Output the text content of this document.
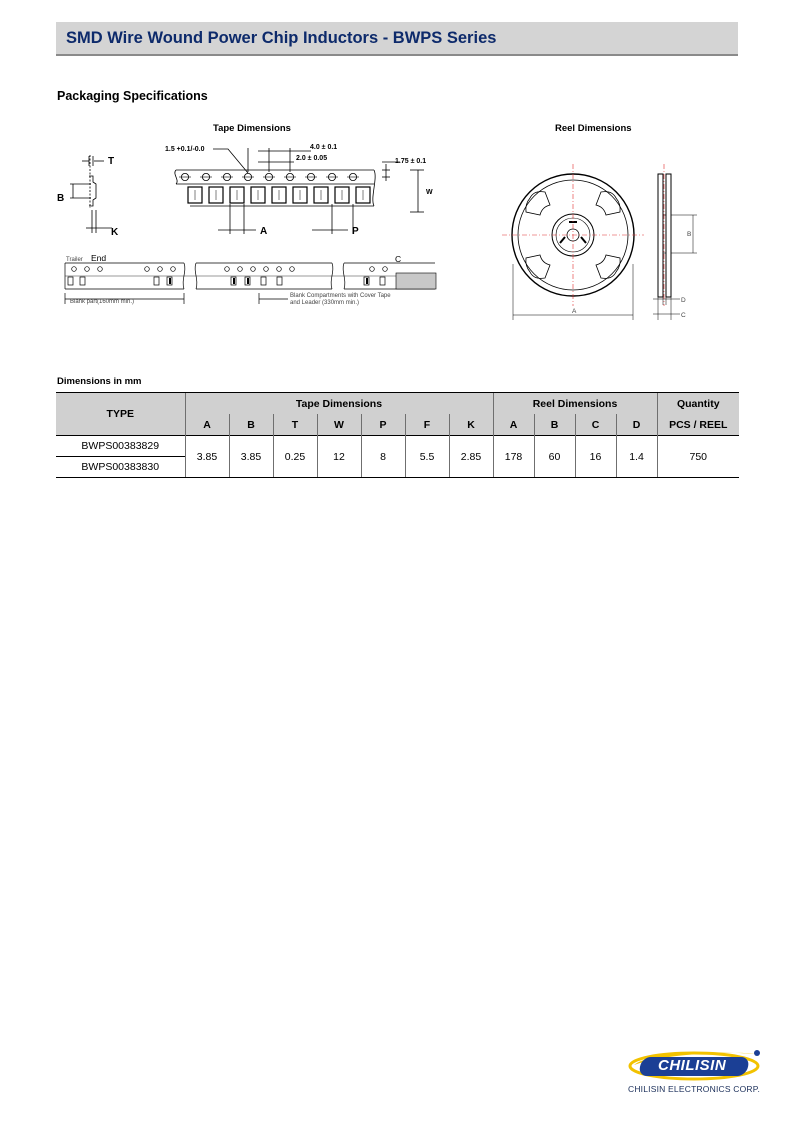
SMD Wire Wound Power Chip Inductors - BWPS Series
Packaging Specifications
Tape Dimensions	Reel Dimensions
1.5 +0.1/-0.0	4.0 ± 0.1
2.0 ± 0.05	1.75 ± 0.1
W
T
B
K	A	P
Trailer
Blank Compartments with Cover Tape
and Leader (330mm min.)
Blank part(160mm min.)
End	C
A
B
C
D
Dimensions in mm
TYPE	Tape Dimensions							Reel Dimensions				Quantity
	A	B	T	W	P	F	K	A	B	C	D	PCS / REEL
BWPS00383829	3.85	3.85	0.25	12	8	5.5	2.85	178	60	16	1.4	750
BWPS00383830												
CHILISIN
CHILISIN ELECTRONICS CORP.
